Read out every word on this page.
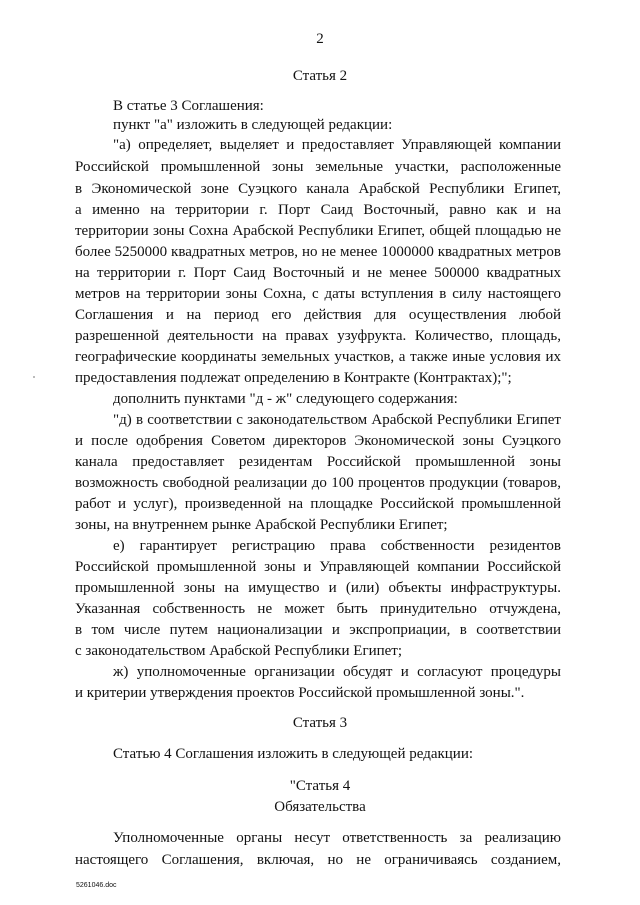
2
Статья 2
В статье 3 Соглашения:
пункт "а" изложить в следующей редакции:
"а) определяет, выделяет и предоставляет Управляющей компании
Российской промышленной зоны земельные участки, расположенные
в Экономической зоне Суэцкого канала Арабской Республики Египет,
а именно на территории г. Порт Саид Восточный, равно как и на
территории зоны Сохна Арабской Республики Египет, общей площадью не
более 5250000 квадратных метров, но не менее 1000000 квадратных метров
на территории г. Порт Саид Восточный и не менее 500000 квадратных
метров на территории зоны Сохна, с даты вступления в силу настоящего
Соглашения и на период его действия для осуществления любой
разрешенной деятельности на правах узуфрукта. Количество, площадь,
географические координаты земельных участков, а также иные условия их
предоставления подлежат определению в Контракте (Контрактах);";
дополнить пунктами "д - ж" следующего содержания:
"д) в соответствии с законодательством Арабской Республики Египет
и после одобрения Советом директоров Экономической зоны Суэцкого
канала предоставляет резидентам Российской промышленной зоны
возможность свободной реализации до 100 процентов продукции (товаров,
работ и услуг), произведенной на площадке Российской промышленной
зоны, на внутреннем рынке Арабской Республики Египет;
е) гарантирует регистрацию права собственности резидентов
Российской промышленной зоны и Управляющей компании Российской
промышленной зоны на имущество и (или) объекты инфраструктуры.
Указанная собственность не может быть принудительно отчуждена,
в том числе путем национализации и экспроприации, в соответствии
с законодательством Арабской Республики Египет;
ж) уполномоченные организации обсудят и согласуют процедуры
и критерии утверждения проектов Российской промышленной зоны.".
Статья 3
Статью 4 Соглашения изложить в следующей редакции:
"Статья 4
Обязательства
Уполномоченные органы несут ответственность за реализацию
настоящего Соглашения, включая, но не ограничиваясь созданием,
5261046.doc
